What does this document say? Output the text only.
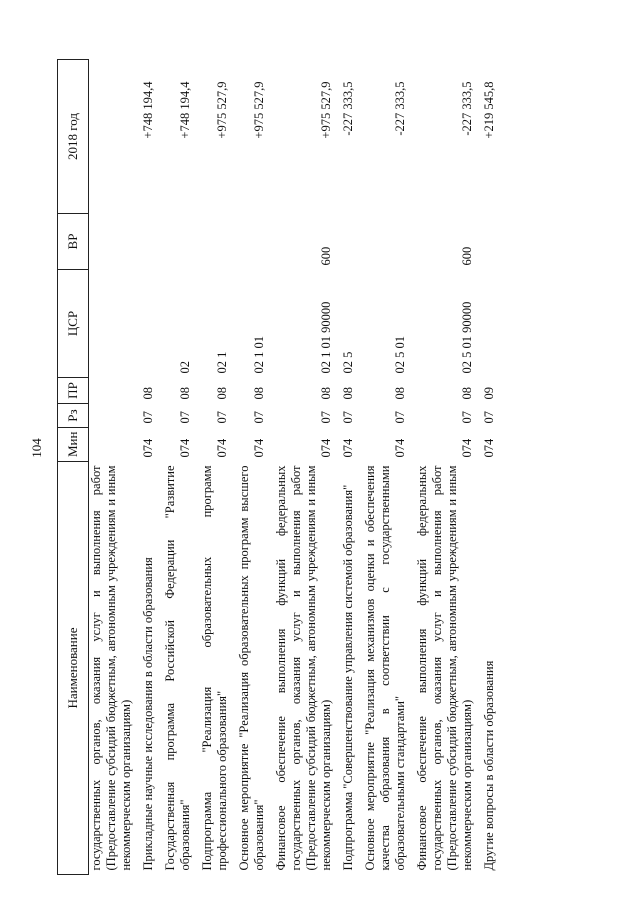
104
Наименование	Мин	Рз	ПР	ЦСР	ВР	2018 год
государственных органов, оказания услуг и выполнения работ (Предоставление субсидий бюджетным, автономным учреждениям и иным некоммерческим организациям)						
Прикладные научные исследования в области образования	074	07	08			+748 194,4
Государственная программа Российской Федерации "Развитие образования"	074	07	08	02		+748 194,4
Подпрограмма "Реализация образовательных программ профессионального образования"	074	07	08	02 1		+975 527,9
Основное мероприятие "Реализация образовательных программ высшего образования"	074	07	08	02 1 01		+975 527,9
Финансовое обеспечение выполнения функций федеральных государственных органов, оказания услуг и выполнения работ (Предоставление субсидий бюджетным, автономным учреждениям и иным некоммерческим организациям)	074	07	08	02 1 01 90000	600	+975 527,9
Подпрограмма "Совершенствование управления системой образования"	074	07	08	02 5		-227 333,5
Основное мероприятие "Реализация механизмов оценки и обеспечения качества образования в соответствии с государственными образовательными стандартами"	074	07	08	02 5 01		-227 333,5
Финансовое обеспечение выполнения функций федеральных государственных органов, оказания услуг и выполнения работ (Предоставление субсидий бюджетным, автономным учреждениям и иным некоммерческим организациям)	074	07	08	02 5 01 90000	600	-227 333,5
Другие вопросы в области образования	074	07	09			+219 545,8
